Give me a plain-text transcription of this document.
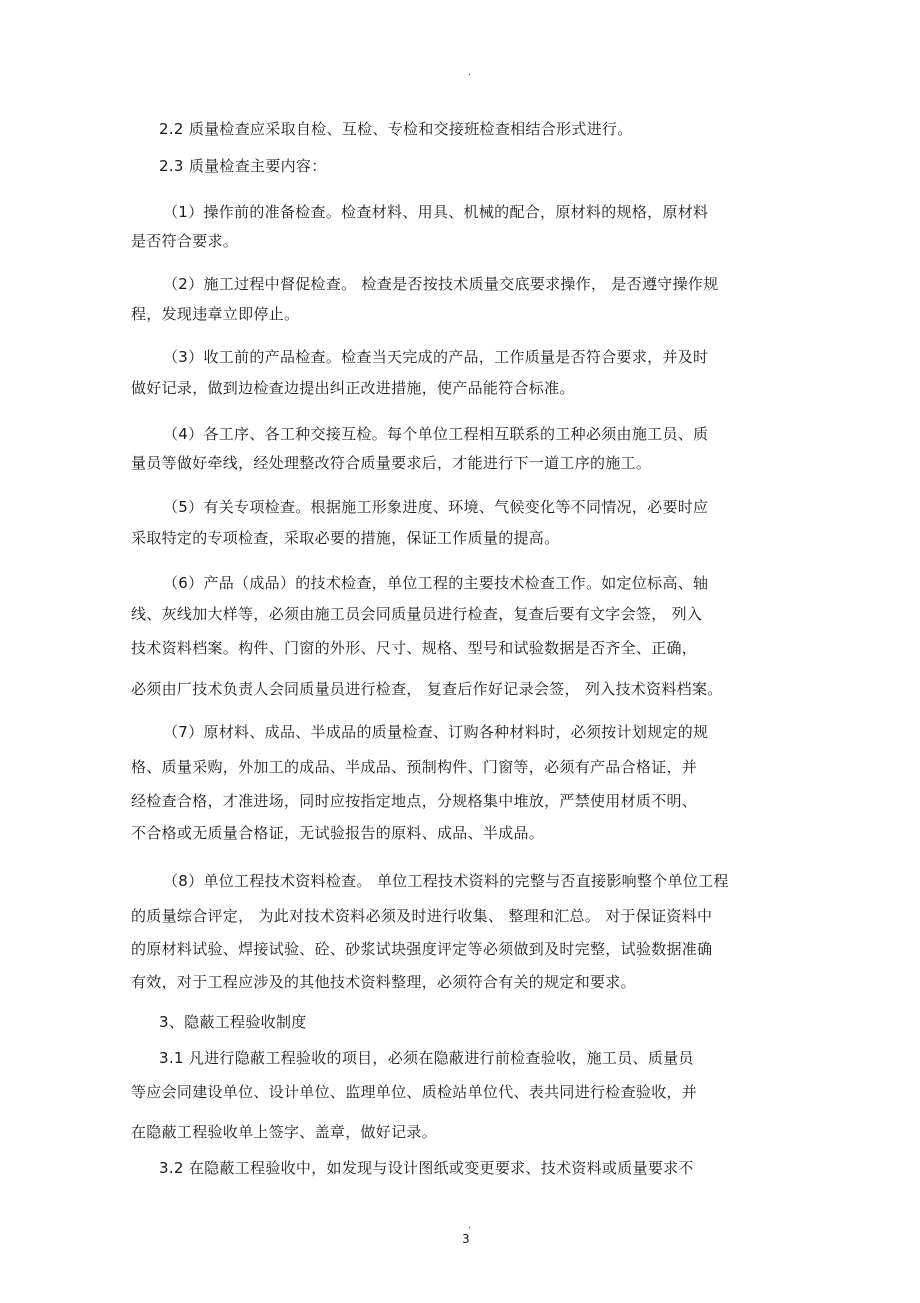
.
2.2 质量检查应采取自检、互检、专检和交接班检查相结合形式进行。
2.3 质量检查主要内容：
（1）操作前的准备检查。检查材料、用具、机械的配合，原材料的规格，原材料
是否符合要求。
（2）施工过程中督促检查。 检查是否按技术质量交底要求操作， 是否遵守操作规
程，发现违章立即停止。
（3）收工前的产品检查。检查当天完成的产品，工作质量是否符合要求，并及时
做好记录，做到边检查边提出纠正改进措施，使产品能符合标准。
（4）各工序、各工种交接互检。每个单位工程相互联系的工种必须由施工员、质
量员等做好牵线，经处理整改符合质量要求后，才能进行下一道工序的施工。
（5）有关专项检查。根据施工形象进度、环境、气候变化等不同情况，必要时应
采取特定的专项检查，采取必要的措施，保证工作质量的提高。
（6）产品（成品）的技术检查，单位工程的主要技术检查工作。如定位标高、轴
线、灰线加大样等，必须由施工员会同质量员进行检查，复查后要有文字会签， 列入
技术资料档案。构件、门窗的外形、尺寸、规格、型号和试验数据是否齐全、正确，
必须由厂技术负责人会同质量员进行检查， 复查后作好记录会签， 列入技术资料档案。
（7）原材料、成品、半成品的质量检查、订购各种材料时，必须按计划规定的规
格、质量采购，外加工的成品、半成品、预制构件、门窗等，必须有产品合格证，并
经检查合格，才准进场，同时应按指定地点，分规格集中堆放，严禁使用材质不明、
不合格或无质量合格证，无试验报告的原料、成品、半成品。
（8）单位工程技术资料检查。 单位工程技术资料的完整与否直接影响整个单位工程
的质量综合评定， 为此对技术资料必须及时进行收集、 整理和汇总。 对于保证资料中
的原材料试验、焊接试验、砼、砂浆试块强度评定等必须做到及时完整，试验数据准确
有效，对于工程应涉及的其他技术资料整理，必须符合有关的规定和要求。
3、隐蔽工程验收制度
3.1 凡进行隐蔽工程验收的项目，必须在隐蔽进行前检查验收，施工员、质量员
等应会同建设单位、设计单位、监理单位、质检站单位代、表共同进行检查验收，并
在隐蔽工程验收单上签字、盖章，做好记录。
3.2 在隐蔽工程验收中，如发现与设计图纸或变更要求、技术资料或质量要求不
.
3
